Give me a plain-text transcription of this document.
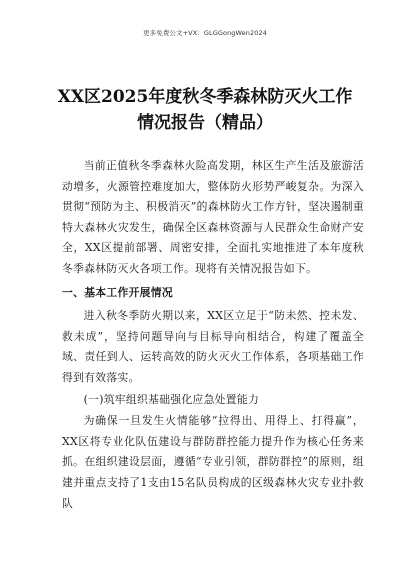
更多免费公文+VX：GLGGongWen2024
XX区2025年度秋冬季森林防灭火工作
情况报告（精品）

当前正值秋冬季森林火险高发期，林区生产生活及旅游活动增多，火源管控难度加大，整体防火形势严峻复杂。为深入贯彻“预防为主、积极消灭”的森林防火工作方针，坚决遏制重特大森林火灾发生，确保全区森林资源与人民群众生命财产安全，XX区提前部署、周密安排，全面扎实地推进了本年度秋冬季森林防灭火各项工作。现将有关情况报告如下。

一、基本工作开展情况

进入秋冬季防火期以来，XX区立足于“防未然、控未发、救未成”，坚持问题导向与目标导向相结合，构建了覆盖全域、责任到人、运转高效的防火灭火工作体系，各项基础工作得到有效落实。

(一)筑牢组织基础强化应急处置能力

为确保一旦发生火情能够“拉得出、用得上、打得赢”，XX区将专业化队伍建设与群防群控能力提升作为核心任务来抓。在组织建设层面，遵循“专业引领，群防群控”的原则，组建并重点支持了1支由15名队员构成的区级森林火灾专业扑救队
